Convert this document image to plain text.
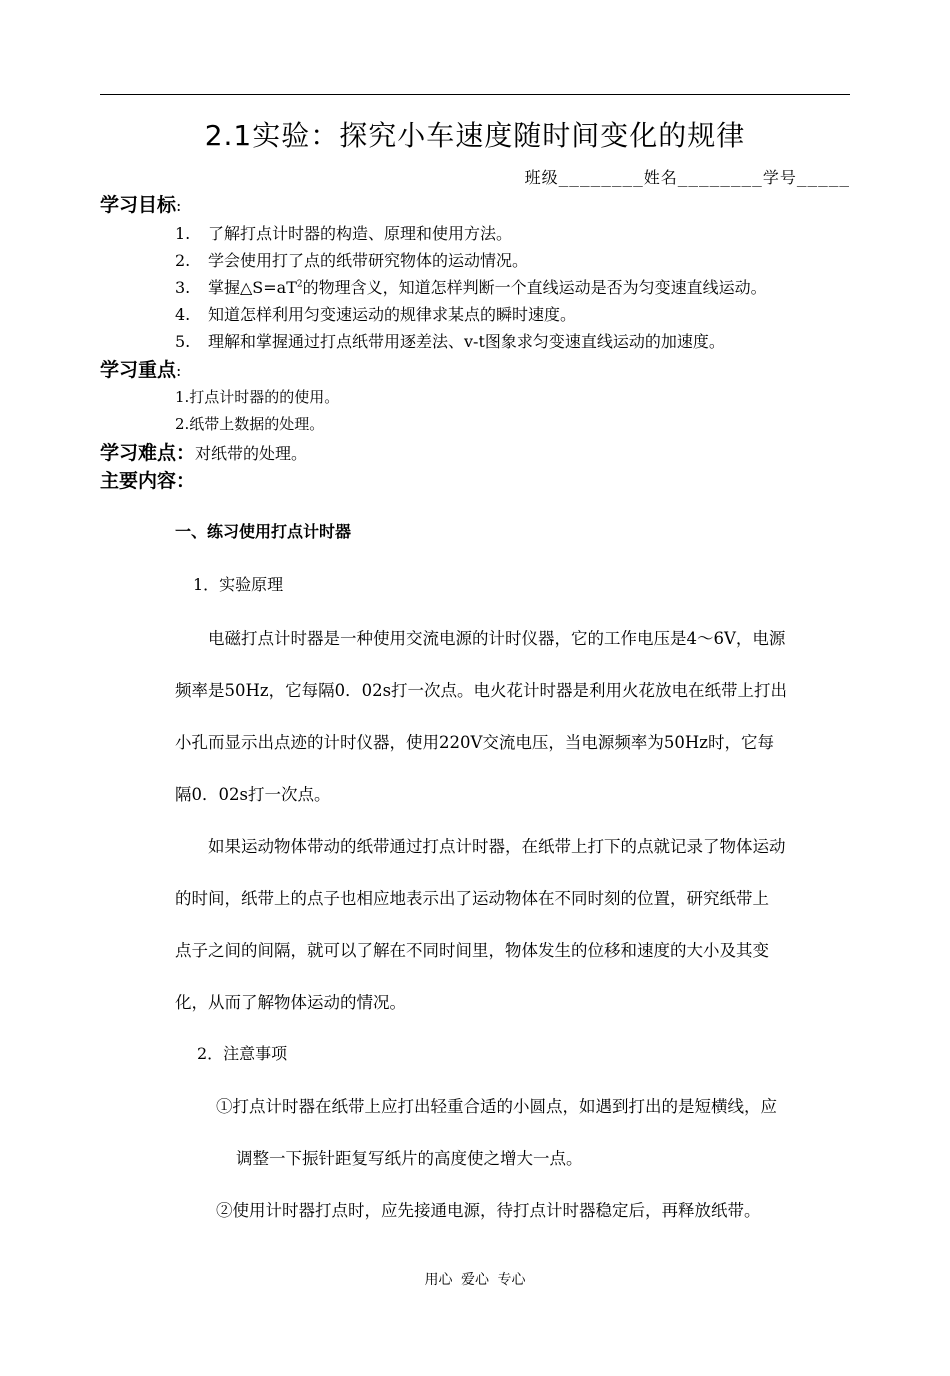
2.1实验：探究小车速度随时间变化的规律
班级________姓名________学号_____
学习目标:
1. 了解打点计时器的构造、原理和使用方法。
2. 学会使用打了点的纸带研究物体的运动情况。
3. 掌握$\triangle S=aT^2$的物理含义，知道怎样判断一个直线运动是否为匀变速直线运动。
4. 知道怎样利用匀变速运动的规律求某点的瞬时速度。
5. 理解和掌握通过打点纸带用逐差法、v-t图象求匀变速直线运动的加速度。
学习重点:
1.打点计时器的的使用。
2.纸带上数据的处理。
学习难点：对纸带的处理。
主要内容：
一、练习使用打点计时器
1．实验原理
电磁打点计时器是一种使用交流电源的计时仪器，它的工作电压是4～6V，电源
频率是50Hz，它每隔0．02s打一次点。电火花计时器是利用火花放电在纸带上打出
小孔而显示出点迹的计时仪器，使用220V交流电压，当电源频率为50Hz时，它每
隔0．02s打一次点。
如果运动物体带动的纸带通过打点计时器，在纸带上打下的点就记录了物体运动
的时间，纸带上的点子也相应地表示出了运动物体在不同时刻的位置，研究纸带上
点子之间的间隔，就可以了解在不同时间里，物体发生的位移和速度的大小及其变
化，从而了解物体运动的情况。
2．注意事项
①打点计时器在纸带上应打出轻重合适的小圆点，如遇到打出的是短横线，应
调整一下振针距复写纸片的高度使之增大一点。
②使用计时器打点时，应先接通电源，待打点计时器稳定后，再释放纸带。
用心 爱心 专心
